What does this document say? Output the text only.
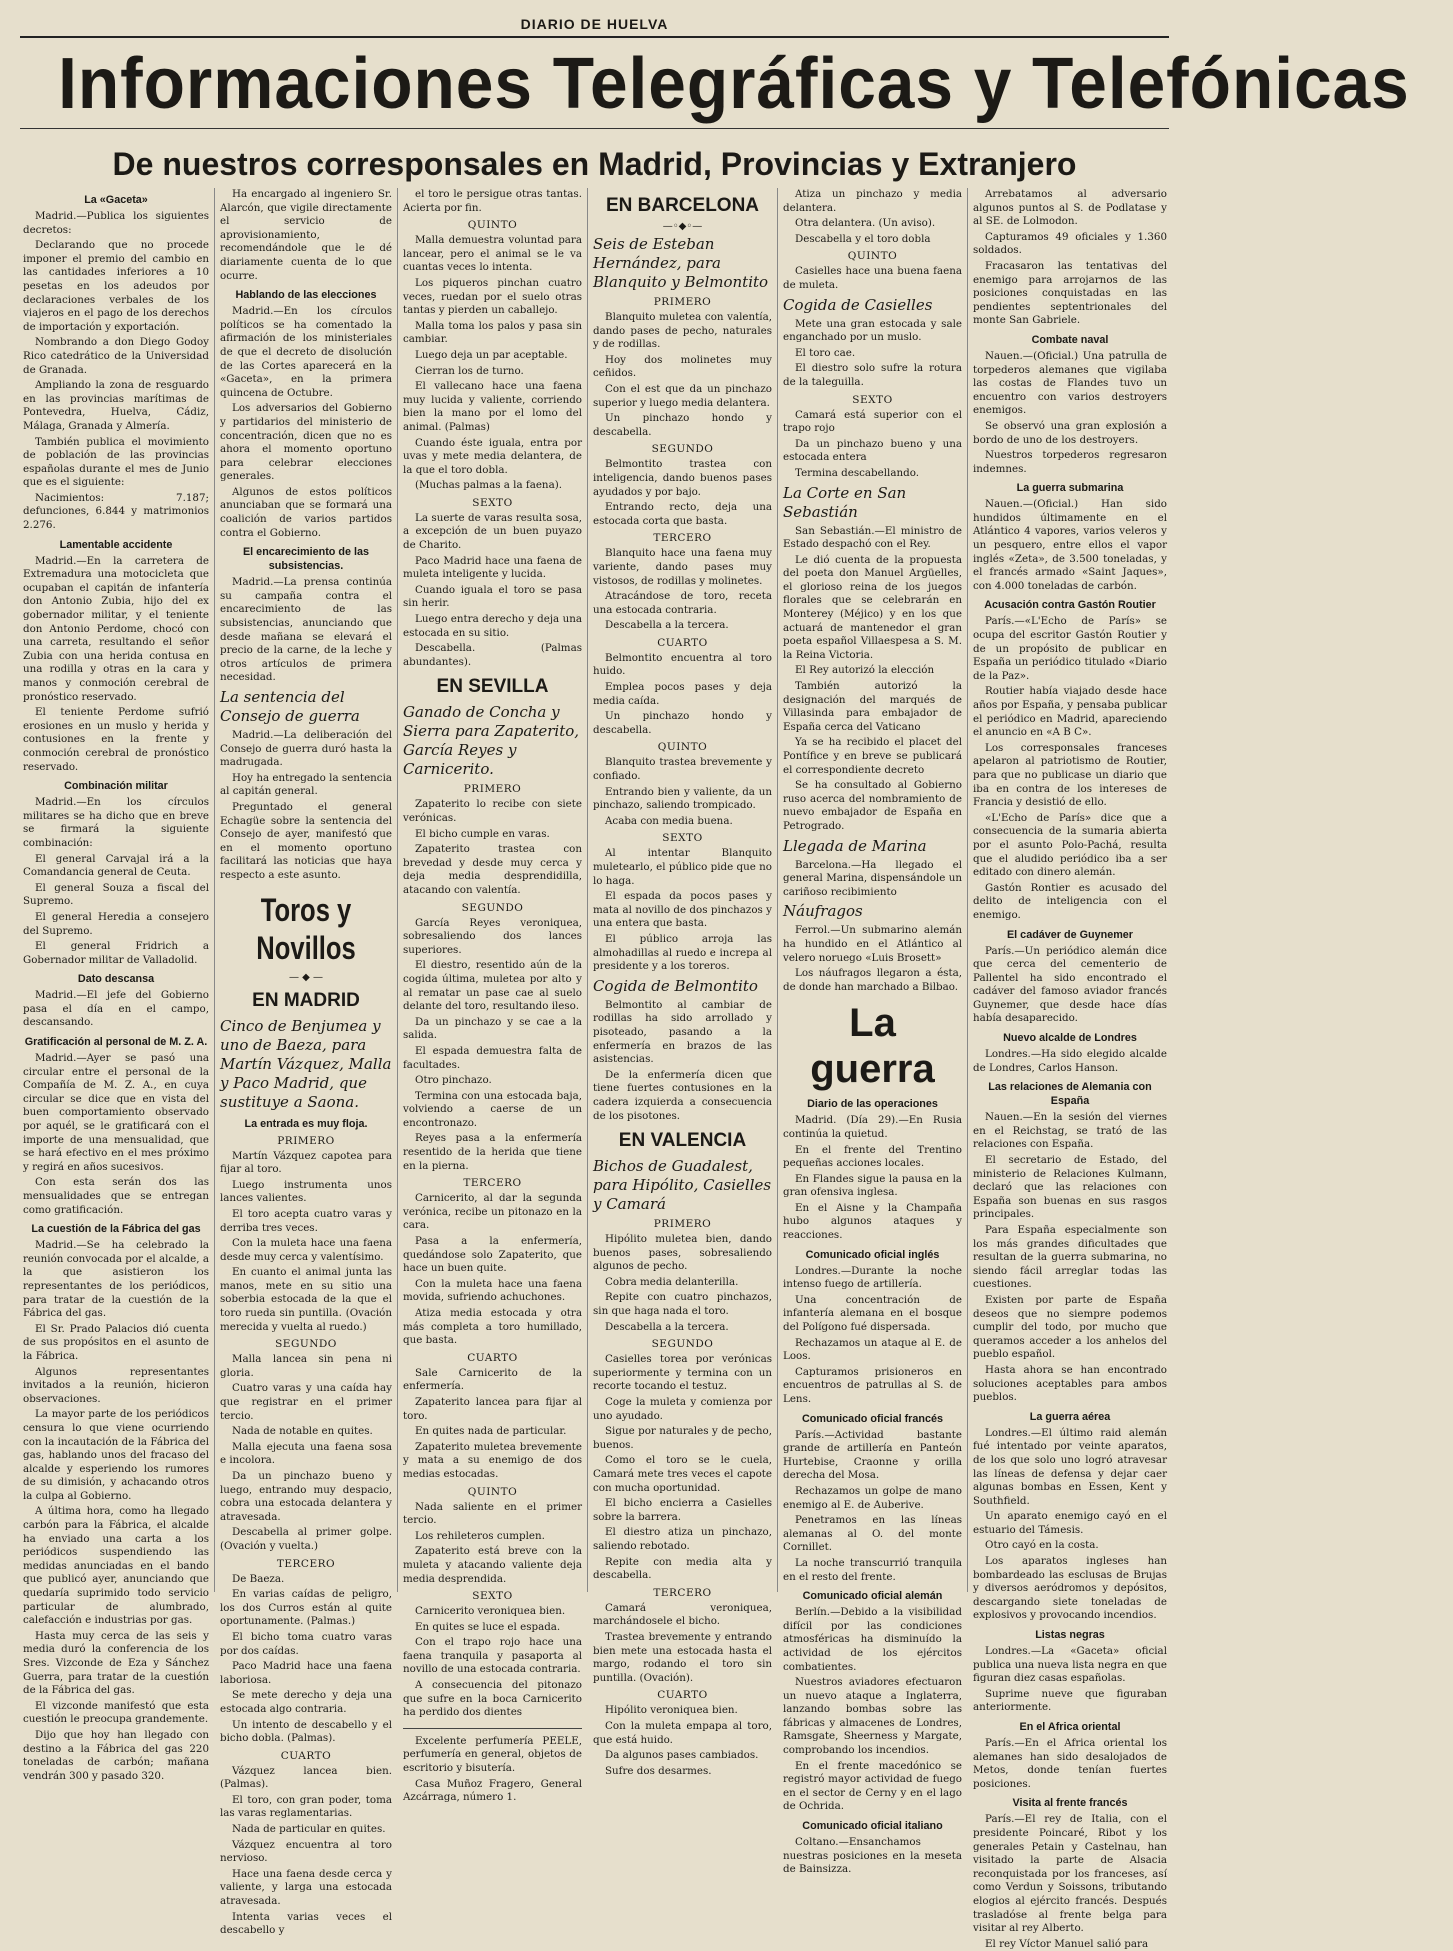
DIARIO DE HUELVA
Informaciones Telegráficas y Telefónicas
De nuestros corresponsales en Madrid, Provincias y Extranjero
La «Gaceta»

Madrid.—Publica los siguientes decretos:

Declarando que no procede imponer el premio del cambio en las cantidades inferiores a 10 pesetas en los adeudos por declaraciones verbales de los viajeros en el pago de los derechos de importación y exportación.

Nombrando a don Diego Godoy Rico catedrático de la Universidad de Granada.

Ampliando la zona de resguardo en las provincias marítimas de Pontevedra, Huelva, Cádiz, Málaga, Granada y Almería.

También publica el movimiento de población de las provincias españolas durante el mes de Junio que es el siguiente:

Nacimientos: 7.187; defunciones, 6.844 y matrimonios 2.276.

Lamentable accidente

Madrid.—En la carretera de Extremadura una motocicleta que ocupaban el capitán de infantería don Antonio Zubia, hijo del ex gobernador militar, y el teniente don Antonio Perdome, chocó con una carreta, resultando el señor Zubia con una herida contusa en una rodilla y otras en la cara y manos y conmoción cerebral de pronóstico reservado.

El teniente Perdome sufrió erosiones en un muslo y herida y contusiones en la frente y conmoción cerebral de pronóstico reservado.

Combinación militar

Madrid.—En los círculos militares se ha dicho que en breve se firmará la siguiente combinación:

El general Carvajal irá a la Comandancia general de Ceuta.

El general Souza a fiscal del Supremo.

El general Heredia a consejero del Supremo.

El general Fridrich a Gobernador militar de Valladolid.

Dato descansa

Madrid.—El jefe del Gobierno pasa el día en el campo, descansando.

Gratificación al personal de M. Z. A.

Madrid.—Ayer se pasó una circular entre el personal de la Compañía de M. Z. A., en cuya circular se dice que en vista del buen comportamiento observado por aquél, se le gratificará con el importe de una mensualidad, que se hará efectivo en el mes próximo y regirá en años sucesivos.

Con esta serán dos las mensualidades que se entregan como gratificación.

La cuestión de la Fábrica del gas

Madrid.—Se ha celebrado la reunión convocada por el alcalde, a la que asistieron los representantes de los periódicos, para tratar de la cuestión de la Fábrica del gas.

El Sr. Prado Palacios dió cuenta de sus propósitos en el asunto de la Fábrica.

Algunos representantes invitados a la reunión, hicieron observaciones.

La mayor parte de los periódicos censura lo que viene ocurriendo con la incautación de la Fábrica del gas, hablando unos del fracaso del alcalde y esperiendo los rumores de su dimisión, y achacando otros la culpa al Gobierno.

A última hora, como ha llegado carbón para la Fábrica, el alcalde ha enviado una carta a los periódicos suspendiendo las medidas anunciadas en el bando que publicó ayer, anunciando que quedaría suprimido todo servicio particular de alumbrado, calefacción e industrias por gas.

Hasta muy cerca de las seis y media duró la conferencia de los Sres. Vizconde de Eza y Sánchez Guerra, para tratar de la cuestión de la Fábrica del gas.

El vizconde manifestó que esta cuestión le preocupa grandemente.

Dijo que hoy han llegado con destino a la Fábrica del gas 220 toneladas de carbón; mañana vendrán 300 y pasado 320.

Ha encargado al ingeniero Sr. Alarcón, que vigile directamente el servicio de aprovisionamiento, recomendándole que le dé diariamente cuenta de lo que ocurre.

Hablando de las elecciones

Madrid.—En los círculos políticos se ha comentado la afirmación de los ministeriales de que el decreto de disolución de las Cortes aparecerá en la «Gaceta», en la primera quincena de Octubre.

Los adversarios del Gobierno y partidarios del ministerio de concentración, dicen que no es ahora el momento oportuno para celebrar elecciones generales.

Algunos de estos políticos anunciaban que se formará una coalición de varios partidos contra el Gobierno.

El encarecimiento de las subsistencias.

Madrid.—La prensa continúa su campaña contra el encarecimiento de las subsistencias, anunciando que desde mañana se elevará el precio de la carne, de la leche y otros artículos de primera necesidad.

La sentencia del Consejo de guerra

Madrid.—La deliberación del Consejo de guerra duró hasta la madrugada.

Hoy ha entregado la sentencia al capitán general.

Preguntado el general Echagüe sobre la sentencia del Consejo de ayer, manifestó que en el momento oportuno facilitará las noticias que haya respecto a este asunto.

Toros y Novillos
— ◆ —
EN MADRID
Cinco de Benjumea y uno de Baeza, para Martín Vázquez, Malla y Paco Madrid, que sustituye a Saona.
La entrada es muy floja.
PRIMERO

Martín Vázquez capotea para fijar al toro.

Luego instrumenta unos lances valientes.

El toro acepta cuatro varas y derriba tres veces.

Con la muleta hace una faena desde muy cerca y valentísimo.

En cuanto el animal junta las manos, mete en su sitio una soberbia estocada de la que el toro rueda sin puntilla. (Ovación merecida y vuelta al ruedo.)

SEGUNDO

Malla lancea sin pena ni gloria.

Cuatro varas y una caída hay que registrar en el primer tercio.

Nada de notable en quites.

Malla ejecuta una faena sosa e incolora.

Da un pinchazo bueno y luego, entrando muy despacio, cobra una estocada delantera y atravesada.

Descabella al primer golpe. (Ovación y vuelta.)

TERCERO

De Baeza.

En varias caídas de peligro, los dos Curros están al quite oportunamente. (Palmas.)

El bicho toma cuatro varas por dos caídas.

Paco Madrid hace una faena laboriosa.

Se mete derecho y deja una estocada algo contraria.

Un intento de descabello y el bicho dobla. (Palmas).

CUARTO

Vázquez lancea bien. (Palmas).

El toro, con gran poder, toma las varas reglamentarias.

Nada de particular en quites.

Vázquez encuentra al toro nervioso.

Hace una faena desde cerca y valiente, y larga una estocada atravesada.

Intenta varias veces el descabello y

el toro le persigue otras tantas. Acierta por fin.

QUINTO

Malla demuestra voluntad para lancear, pero el animal se le va cuantas veces lo intenta.

Los piqueros pinchan cuatro veces, ruedan por el suelo otras tantas y pierden un caballejo.

Malla toma los palos y pasa sin cambiar.

Luego deja un par aceptable.

Cierran los de turno.

El vallecano hace una faena muy lucida y valiente, corriendo bien la mano por el lomo del animal. (Palmas)

Cuando éste iguala, entra por uvas y mete media delantera, de la que el toro dobla.

(Muchas palmas a la faena).

SEXTO

La suerte de varas resulta sosa, a excepción de un buen puyazo de Charito.

Paco Madrid hace una faena de muleta inteligente y lucida.

Cuando iguala el toro se pasa sin herir.

Luego entra derecho y deja una estocada en su sitio.

Descabella. (Palmas abundantes).

EN SEVILLA
Ganado de Concha y Sierra para Zapaterito, García Reyes y Carnicerito.
PRIMERO

Zapaterito lo recibe con siete verónicas.

El bicho cumple en varas.

Zapaterito trastea con brevedad y desde muy cerca y deja media desprendidilla, atacando con valentía.

SEGUNDO

García Reyes veroniquea, sobresaliendo dos lances superiores.

El diestro, resentido aún de la cogida última, muletea por alto y al rematar un pase cae al suelo delante del toro, resultando ileso.

Da un pinchazo y se cae a la salida.

El espada demuestra falta de facultades.

Otro pinchazo.

Termina con una estocada baja, volviendo a caerse de un encontronazo.

Reyes pasa a la enfermería resentido de la herida que tiene en la pierna.

TERCERO

Carnicerito, al dar la segunda verónica, recibe un pitonazo en la cara.

Pasa a la enfermería, quedándose solo Zapaterito, que hace un buen quite.

Con la muleta hace una faena movida, sufriendo achuchones.

Atiza media estocada y otra más completa a toro humillado, que basta.

CUARTO

Sale Carnicerito de la enfermería.

Zapaterito lancea para fijar al toro.

En quites nada de particular.

Zapaterito muletea brevemente y mata a su enemigo de dos medias estocadas.

QUINTO

Nada saliente en el primer tercio.

Los rehileteros cumplen.

Zapaterito está breve con la muleta y atacando valiente deja media desprendida.

SEXTO

Carnicerito veroniquea bien.

En quites se luce el espada.

Con el trapo rojo hace una faena tranquila y pasaporta al novillo de una estocada contraria.

A consecuencia del pitonazo que sufre en la boca Carnicerito ha perdido dos dientes

Excelente perfumería PEELE, perfumería en general, objetos de escritorio y bisutería.

Casa Muñoz Fragero, General Azcárraga, número 1.

EN BARCELONA
—◦◆◦—
Seis de Esteban Hernández, para Blanquito y Belmontito
PRIMERO

Blanquito muletea con valentía, dando pases de pecho, naturales y de rodillas.

Hoy dos molinetes muy ceñidos.

Con el est que da un pinchazo superior y luego media delantera.

Un pinchazo hondo y descabella.

SEGUNDO

Belmontito trastea con inteligencia, dando buenos pases ayudados y por bajo.

Entrando recto, deja una estocada corta que basta.

TERCERO

Blanquito hace una faena muy variente, dando pases muy vistosos, de rodillas y molinetes.

Atracándose de toro, receta una estocada contraria.

Descabella a la tercera.

CUARTO

Belmontito encuentra al toro huido.

Emplea pocos pases y deja media caída.

Un pinchazo hondo y descabella.

QUINTO

Blanquito trastea brevemente y confiado.

Entrando bien y valiente, da un pinchazo, saliendo trompicado.

Acaba con media buena.

SEXTO

Al intentar Blanquito muletearlo, el público pide que no lo haga.

El espada da pocos pases y mata al novillo de dos pinchazos y una entera que basta.

El público arroja las almohadillas al ruedo e increpa al presidente y a los toreros.

Cogida de Belmontito

Belmontito al cambiar de rodillas ha sido arrollado y pisoteado, pasando a la enfermería en brazos de las asistencias.

De la enfermería dicen que tiene fuertes contusiones en la cadera izquierda a consecuencia de los pisotones.

EN VALENCIA
Bichos de Guadalest, para Hipólito, Casielles y Camará
PRIMERO

Hipólito muletea bien, dando buenos pases, sobresaliendo algunos de pecho.

Cobra media delanterilla.

Repite con cuatro pinchazos, sin que haga nada el toro.

Descabella a la tercera.

SEGUNDO

Casielles torea por verónicas superiormente y termina con un recorte tocando el testuz.

Coge la muleta y comienza por uno ayudado.

Sigue por naturales y de pecho, buenos.

Como el toro se le cuela, Camará mete tres veces el capote con mucha oportunidad.

El bicho encierra a Casielles sobre la barrera.

El diestro atiza un pinchazo, saliendo rebotado.

Repite con media alta y descabella.

TERCERO

Camará veroniquea, marchándosele el bicho.

Trastea brevemente y entrando bien mete una estocada hasta el margo, rodando el toro sin puntilla. (Ovación).

CUARTO

Hipólito veroniquea bien.

Con la muleta empapa al toro, que está huido.

Da algunos pases cambiados.

Sufre dos desarmes.

Atiza un pinchazo y media delantera.

Otra delantera. (Un aviso).

Descabella y el toro dobla

QUINTO

Casielles hace una buena faena de muleta.

Cogida de Casielles

Mete una gran estocada y sale enganchado por un muslo.

El toro cae.

El diestro solo sufre la rotura de la taleguilla.

SEXTO

Camará está superior con el trapo rojo

Da un pinchazo bueno y una estocada entera

Termina descabellando.

La Corte en San Sebastián

San Sebastián.—El ministro de Estado despachó con el Rey.

Le dió cuenta de la propuesta del poeta don Manuel Argüelles, el glorioso reina de los juegos florales que se celebrarán en Monterey (Méjico) y en los que actuará de mantenedor el gran poeta español Villaespesa a S. M. la Reina Victoria.

El Rey autorizó la elección

También autorizó la designación del marqués de Villasinda para embajador de España cerca del Vaticano

Ya se ha recibido el placet del Pontífice y en breve se publicará el correspondiente decreto

Se ha consultado al Gobierno ruso acerca del nombramiento de nuevo embajador de España en Petrogrado.

Llegada de Marina

Barcelona.—Ha llegado el general Marina, dispensándole un cariñoso recibimiento

Náufragos

Ferrol.—Un submarino alemán ha hundido en el Atlántico al velero noruego «Luis Brosett»

Los náufragos llegaron a ésta, de donde han marchado a Bilbao.

La guerra
Diario de las operaciones

Madrid. (Día 29).—En Rusia continúa la quietud.

En el frente del Trentino pequeñas acciones locales.

En Flandes sigue la pausa en la gran ofensiva inglesa.

En el Aisne y la Champaña hubo algunos ataques y reacciones.

Comunicado oficial inglés

Londres.—Durante la noche intenso fuego de artillería.

Una concentración de infantería alemana en el bosque del Polígono fué dispersada.

Rechazamos un ataque al E. de Loos.

Capturamos prisioneros en encuentros de patrullas al S. de Lens.

Comunicado oficial francés

París.—Actividad bastante grande de artillería en Panteón Hurtebise, Craonne y orilla derecha del Mosa.

Rechazamos un golpe de mano enemigo al E. de Auberive.

Penetramos en las líneas alemanas al O. del monte Cornillet.

La noche transcurrió tranquila en el resto del frente.

Comunicado oficial alemán

Berlín.—Debido a la visibilidad difícil por las condiciones atmosféricas ha disminuído la actividad de los ejércitos combatientes.

Nuestros aviadores efectuaron un nuevo ataque a Inglaterra, lanzando bombas sobre las fábricas y almacenes de Londres, Ramsgate, Sheerness y Margate, comprobando los incendios.

En el frente macedónico se registró mayor actividad de fuego en el sector de Cerny y en el lago de Ochrida.

Comunicado oficial italiano

Coltano.—Ensanchamos nuestras posiciones en la meseta de Bainsizza.

Arrebatamos al adversario algunos puntos al S. de Podlatase y al SE. de Lolmodon.

Capturamos 49 oficiales y 1.360 soldados.

Fracasaron las tentativas del enemigo para arrojarnos de las posiciones conquistadas en las pendientes septentrionales del monte San Gabriele.

Combate naval

Nauen.—(Oficial.) Una patrulla de torpederos alemanes que vigilaba las costas de Flandes tuvo un encuentro con varios destroyers enemigos.

Se observó una gran explosión a bordo de uno de los destroyers.

Nuestros torpederos regresaron indemnes.

La guerra submarina

Nauen.—(Oficial.) Han sido hundidos últimamente en el Atlántico 4 vapores, varios veleros y un pesquero, entre ellos el vapor inglés «Zeta», de 3.500 toneladas, y el francés armado «Saint Jaques», con 4.000 toneladas de carbón.

Acusación contra Gastón Routier

París.—«L'Echo de París» se ocupa del escritor Gastón Routier y de un propósito de publicar en España un periódico titulado «Diario de la Paz».

Routier había viajado desde hace años por España, y pensaba publicar el periódico en Madrid, apareciendo el anuncio en «A B C».

Los corresponsales franceses apelaron al patriotismo de Routier, para que no publicase un diario que iba en contra de los intereses de Francia y desistió de ello.

«L'Echo de París» dice que a consecuencia de la sumaria abierta por el asunto Polo-Pachá, resulta que el aludido periódico iba a ser editado con dinero alemán.

Gastón Rontier es acusado del delito de inteligencia con el enemigo.

El cadáver de Guynemer

París.—Un periódico alemán dice que cerca del cementerio de Pallentel ha sido encontrado el cadáver del famoso aviador francés Guynemer, que desde hace días había desaparecido.

Nuevo alcalde de Londres

Londres.—Ha sido elegido alcalde de Londres, Carlos Hanson.

Las relaciones de Alemania con España

Nauen.—En la sesión del viernes en el Reichstag, se trató de las relaciones con España.

El secretario de Estado, del ministerio de Relaciones Kulmann, declaró que las relaciones con España son buenas en sus rasgos principales.

Para España especialmente son los más grandes dificultades que resultan de la guerra submarina, no siendo fácil arreglar todas las cuestiones.

Existen por parte de España deseos que no siempre podemos cumplir del todo, por mucho que queramos acceder a los anhelos del pueblo español.

Hasta ahora se han encontrado soluciones aceptables para ambos pueblos.

La guerra aérea

Londres.—El último raid alemán fué intentado por veinte aparatos, de los que solo uno logró atravesar las líneas de defensa y dejar caer algunas bombas en Essen, Kent y Southfield.

Un aparato enemigo cayó en el estuario del Támesis.

Otro cayó en la costa.

Los aparatos ingleses han bombardeado las esclusas de Brujas y diversos aeródromos y depósitos, descargando siete toneladas de explosivos y provocando incendios.

Listas negras

Londres.—La «Gaceta» oficial publica una nueva lista negra en que figuran diez casas españolas.

Suprime nueve que figuraban anteriormente.

En el Africa oriental

París.—En el Africa oriental los alemanes han sido desalojados de Metos, donde tenían fuertes posiciones.

Visita al frente francés

París.—El rey de Italia, con el presidente Poincaré, Ribot y los generales Petain y Castelnau, han visitado la parte de Alsacia reconquistada por los franceses, así como Verdun y Soissons, tributando elogios al ejército francés. Después trasladóse al frente belga para visitar al rey Alberto.

El rey Víctor Manuel salió para
